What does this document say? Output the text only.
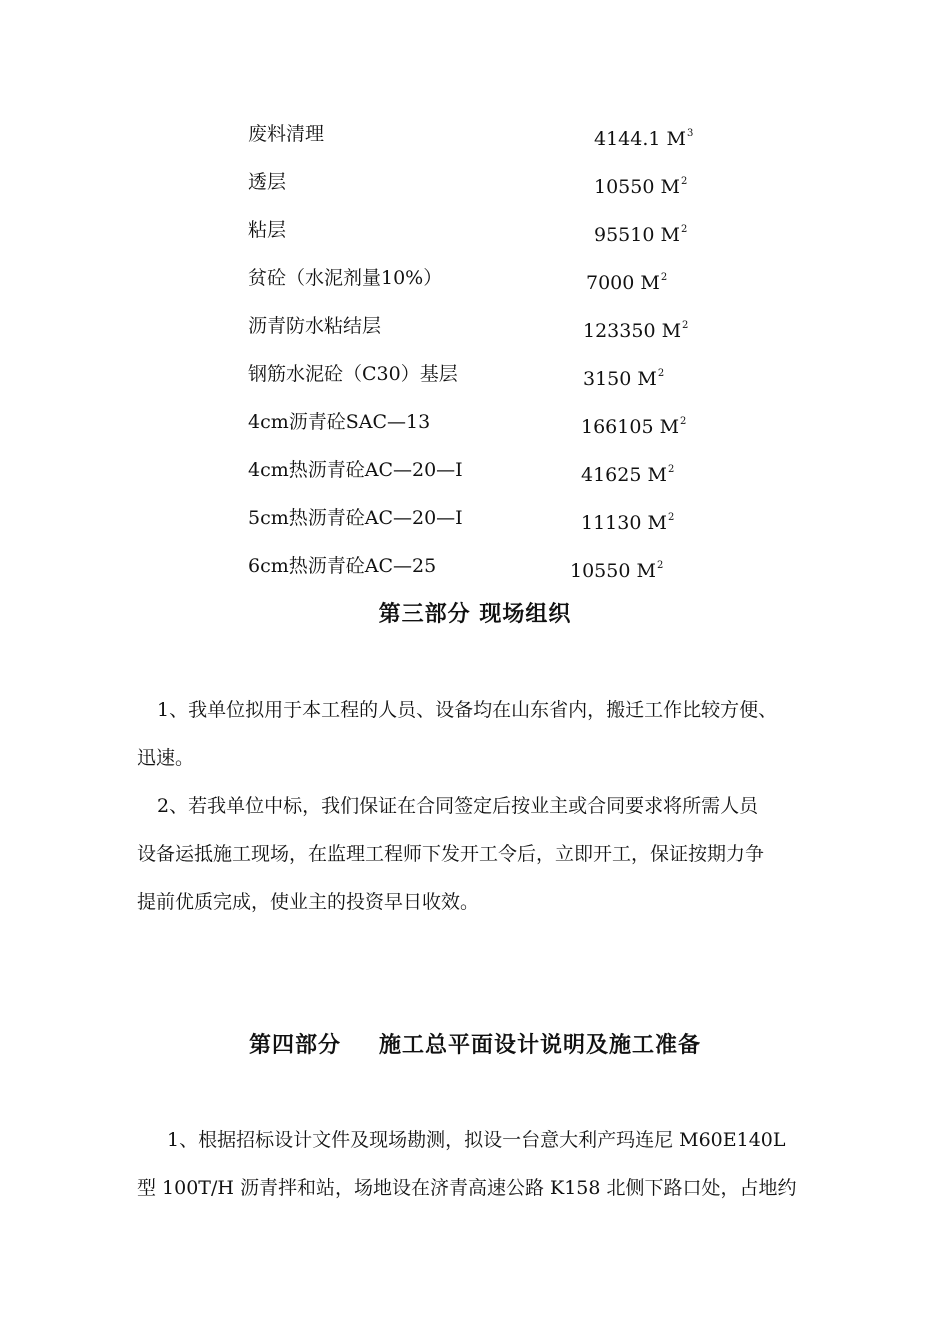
废料清理	4144.1 $M^3$
透层	10550 $M^2$
粘层	95510 $M^2$
贫砼（水泥剂量10%）	7000 $M^2$
沥青防水粘结层	123350 $M^2$
钢筋水泥砼（C30）基层	3150 $M^2$
4cm沥青砼SAC—13	166105 $M^2$
4cm热沥青砼AC—20—I	41625 $M^2$
5cm热沥青砼AC—20—I	11130 $M^2$
6cm热沥青砼AC—25	10550 $M^2$
第三部分 现场组织

1、我单位拟用于本工程的人员、设备均在山东省内，搬迁工作比较方便、
迅速。

2、若我单位中标，我们保证在合同签定后按业主或合同要求将所需人员
设备运抵施工现场，在监理工程师下发开工令后，立即开工，保证按期力争
提前优质完成，使业主的投资早日收效。

第四部分 施工总平面设计说明及施工准备

1、根据招标设计文件及现场勘测，拟设一台意大利产玛连尼 M60E140L
型 100T/H 沥青拌和站，场地设在济青高速公路 K158 北侧下路口处，占地约
